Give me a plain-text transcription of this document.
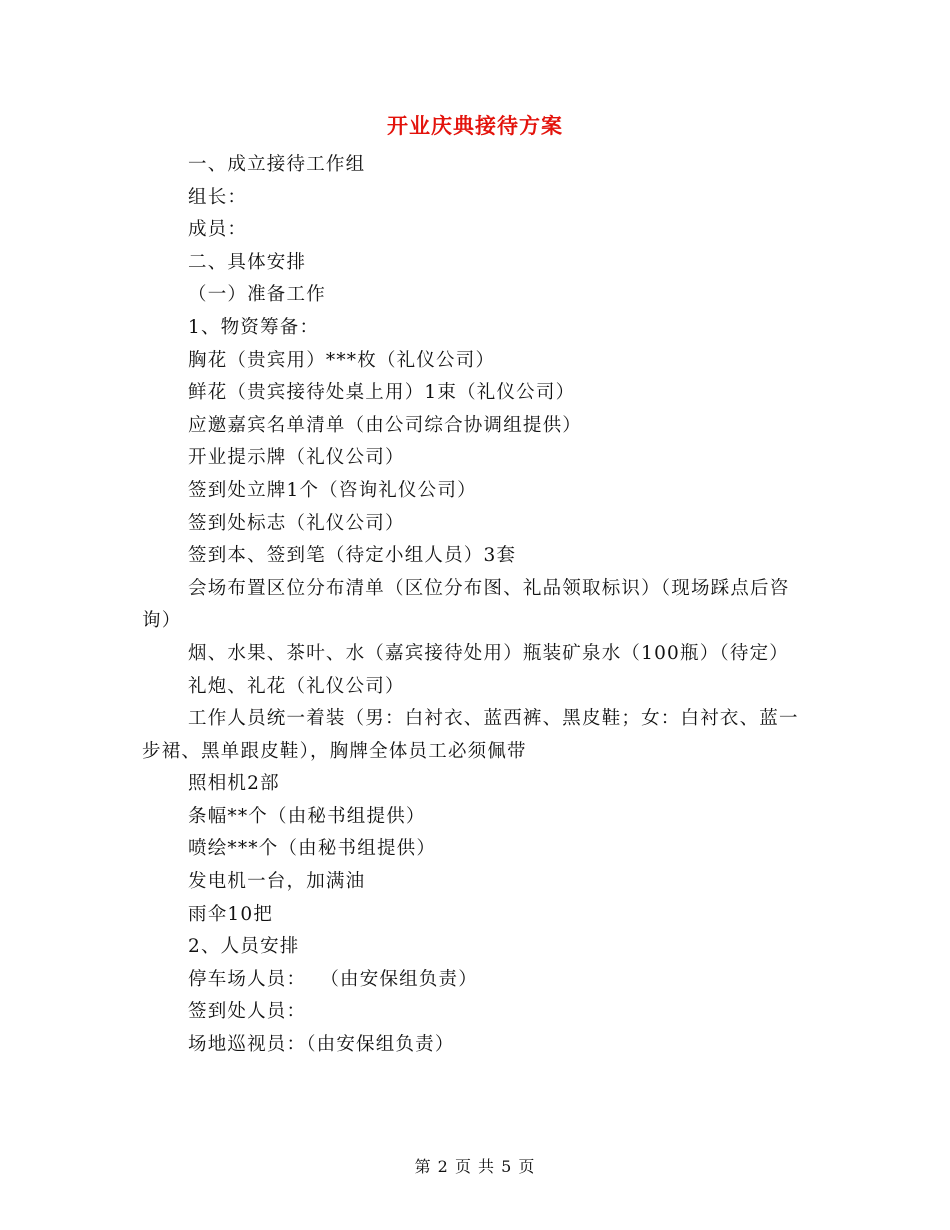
开业庆典接待方案

一、成立接待工作组

组长：

成员：

二、具体安排

（一）准备工作

1、物资筹备：

胸花（贵宾用）***枚（礼仪公司）

鲜花（贵宾接待处桌上用）1束（礼仪公司）

应邀嘉宾名单清单（由公司综合协调组提供）

开业提示牌（礼仪公司）

签到处立牌1个（咨询礼仪公司）

签到处标志（礼仪公司）

签到本、签到笔（待定小组人员）3套

会场布置区位分布清单（区位分布图、礼品领取标识）（现场踩点后咨询）

烟、水果、茶叶、水（嘉宾接待处用）瓶装矿泉水（100瓶）（待定）

礼炮、礼花（礼仪公司）

工作人员统一着装（男：白衬衣、蓝西裤、黑皮鞋；女：白衬衣、蓝一步裙、黑单跟皮鞋），胸牌全体员工必须佩带

照相机2部

条幅**个（由秘书组提供）

喷绘***个（由秘书组提供）

发电机一台，加满油

雨伞10把

2、人员安排

停车场人员：  （由安保组负责）

签到处人员：

场地巡视员：（由安保组负责）

第 2 页 共 5 页
